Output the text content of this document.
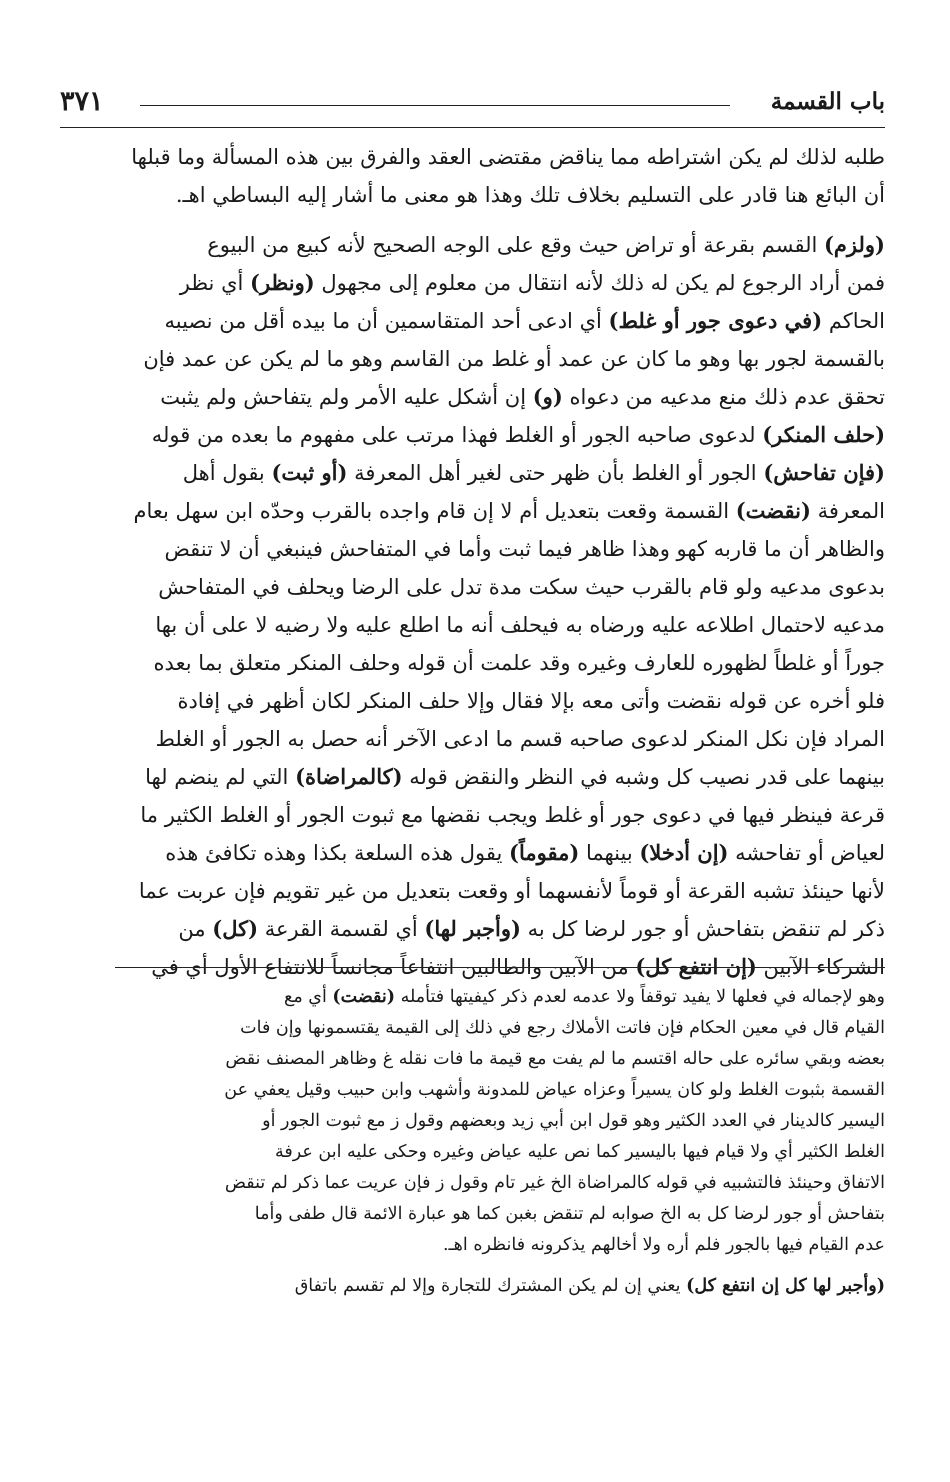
باب القسمة
٣٧١

طلبه لذلك لم يكن اشتراطه مما يناقض مقتضى العقد والفرق بين هذه المسألة وما قبلها
أن البائع هنا قادر على التسليم بخلاف تلك وهذا هو معنى ما أشار إليه البساطي اهـ.

(ولزم) القسم بقرعة أو تراض حيث وقع على الوجه الصحيح لأنه كبيع من البيوع
فمن أراد الرجوع لم يكن له ذلك لأنه انتقال من معلوم إلى مجهول (ونظر) أي نظر
الحاكم (في دعوى جور أو غلط) أي ادعى أحد المتقاسمين أن ما بيده أقل من نصيبه
بالقسمة لجور بها وهو ما كان عن عمد أو غلط من القاسم وهو ما لم يكن عن عمد فإن
تحقق عدم ذلك منع مدعيه من دعواه (و) إن أشكل عليه الأمر ولم يتفاحش ولم يثبت
(حلف المنكر) لدعوى صاحبه الجور أو الغلط فهذا مرتب على مفهوم ما بعده من قوله
(فإن تفاحش) الجور أو الغلط بأن ظهر حتى لغير أهل المعرفة (أو ثبت) بقول أهل
المعرفة (نقضت) القسمة وقعت بتعديل أم لا إن قام واجده بالقرب وحدّه ابن سهل بعام
والظاهر أن ما قاربه كهو وهذا ظاهر فيما ثبت وأما في المتفاحش فينبغي أن لا تنقض
بدعوى مدعيه ولو قام بالقرب حيث سكت مدة تدل على الرضا ويحلف في المتفاحش
مدعيه لاحتمال اطلاعه عليه ورضاه به فيحلف أنه ما اطلع عليه ولا رضيه لا على أن بها
جوراً أو غلطاً لظهوره للعارف وغيره وقد علمت أن قوله وحلف المنكر متعلق بما بعده
فلو أخره عن قوله نقضت وأتى معه بإلا فقال وإلا حلف المنكر لكان أظهر في إفادة
المراد فإن نكل المنكر لدعوى صاحبه قسم ما ادعى الآخر أنه حصل به الجور أو الغلط
بينهما على قدر نصيب كل وشبه في النظر والنقض قوله (كالمراضاة) التي لم ينضم لها
قرعة فينظر فيها في دعوى جور أو غلط ويجب نقضها مع ثبوت الجور أو الغلط الكثير ما
لعياض أو تفاحشه (إن أدخلا) بينهما (مقوماً) يقول هذه السلعة بكذا وهذه تكافئ هذه
لأنها حينئذ تشبه القرعة أو قوماً لأنفسهما أو وقعت بتعديل من غير تقويم فإن عربت عما
ذكر لم تنقض بتفاحش أو جور لرضا كل به (وأجبر لها) أي لقسمة القرعة (كل) من
الشركاء الآبين (إن انتفع كل) من الآبين والطالبين انتفاعاً مجانساً للانتفاع الأول أي في

وهو لإجماله في فعلها لا يفيد توقفاً ولا عدمه لعدم ذكر كيفيتها فتأمله (نقضت) أي مع
القيام قال في معين الحكام فإن فاتت الأملاك رجع في ذلك إلى القيمة يقتسمونها وإن فات
بعضه وبقي سائره على حاله اقتسم ما لم يفت مع قيمة ما فات نقله غ وظاهر المصنف نقض
القسمة بثبوت الغلط ولو كان يسيراً وعزاه عياض للمدونة وأشهب وابن حبيب وقيل يعفي عن
اليسير كالدينار في العدد الكثير وهو قول ابن أبي زيد وبعضهم وقول ز مع ثبوت الجور أو
الغلط الكثير أي ولا قيام فيها باليسير كما نص عليه عياض وغيره وحكى عليه ابن عرفة
الاتفاق وحينئذ فالتشبيه في قوله كالمراضاة الخ غير تام وقول ز فإن عريت عما ذكر لم تنقض
بتفاحش أو جور لرضا كل به الخ صوابه لم تنقض بغبن كما هو عبارة الائمة قال طفى وأما
عدم القيام فيها بالجور فلم أره ولا أخالهم يذكرونه فانظره اهـ.

(وأجبر لها كل إن انتفع كل) يعني إن لم يكن المشترك للتجارة وإلا لم تقسم باتفاق
